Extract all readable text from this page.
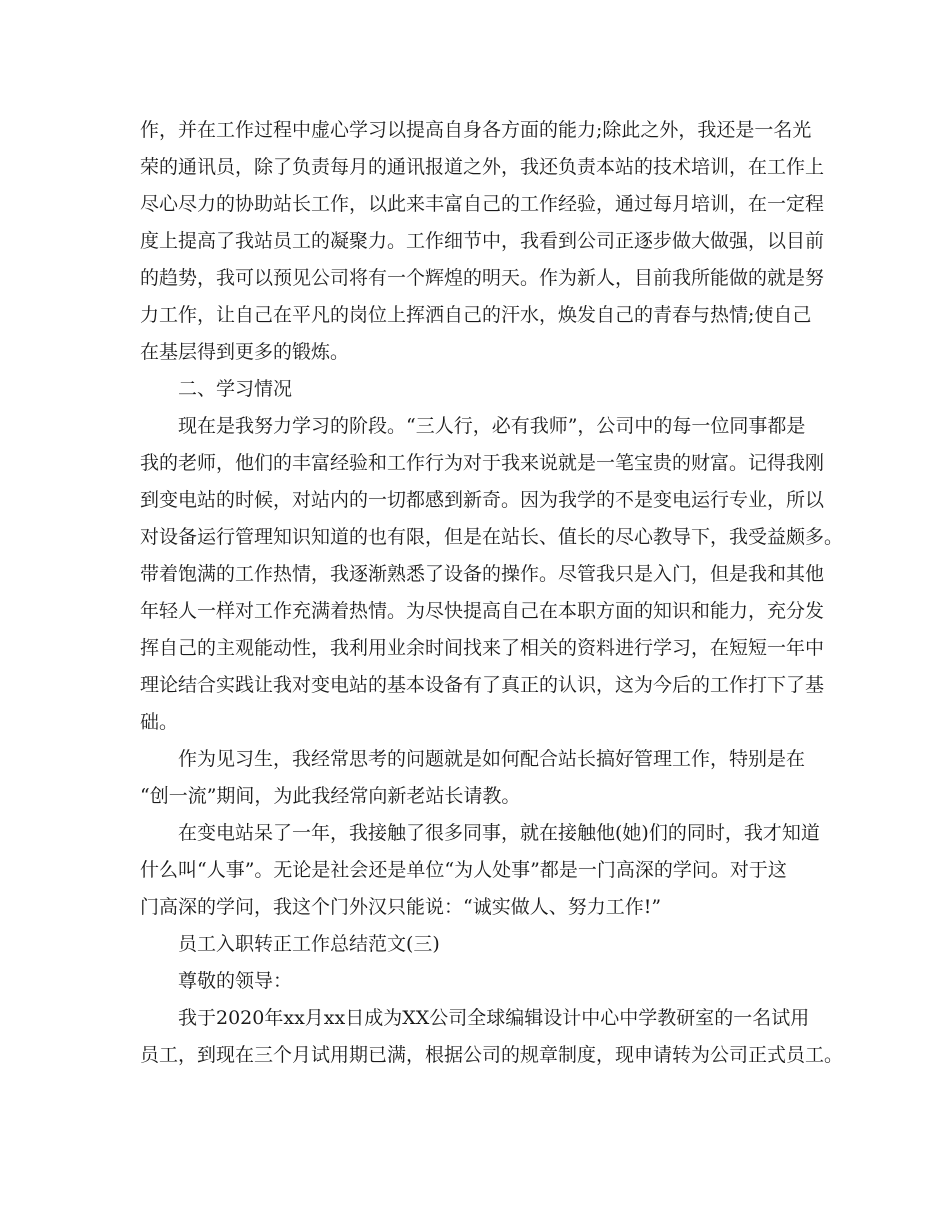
作，并在工作过程中虚心学习以提高自身各方面的能力;除此之外，我还是一名光
荣的通讯员，除了负责每月的通讯报道之外，我还负责本站的技术培训，在工作上
尽心尽力的协助站长工作，以此来丰富自己的工作经验，通过每月培训，在一定程
度上提高了我站员工的凝聚力。工作细节中，我看到公司正逐步做大做强，以目前
的趋势，我可以预见公司将有一个辉煌的明天。作为新人，目前我所能做的就是努
力工作，让自己在平凡的岗位上挥洒自己的汗水，焕发自己的青春与热情;使自己
在基层得到更多的锻炼。
二、学习情况
现在是我努力学习的阶段。“三人行，必有我师”，公司中的每一位同事都是
我的老师，他们的丰富经验和工作行为对于我来说就是一笔宝贵的财富。记得我刚
到变电站的时候，对站内的一切都感到新奇。因为我学的不是变电运行专业，所以
对设备运行管理知识知道的也有限，但是在站长、值长的尽心教导下，我受益颇多。
带着饱满的工作热情，我逐渐熟悉了设备的操作。尽管我只是入门，但是我和其他
年轻人一样对工作充满着热情。为尽快提高自己在本职方面的知识和能力，充分发
挥自己的主观能动性，我利用业余时间找来了相关的资料进行学习，在短短一年中
理论结合实践让我对变电站的基本设备有了真正的认识，这为今后的工作打下了基
础。
作为见习生，我经常思考的问题就是如何配合站长搞好管理工作，特别是在
“创一流”期间，为此我经常向新老站长请教。
在变电站呆了一年，我接触了很多同事，就在接触他(她)们的同时，我才知道
什么叫“人事”。无论是社会还是单位“为人处事”都是一门高深的学问。对于这
门高深的学问，我这个门外汉只能说：“诚实做人、努力工作!”
员工入职转正工作总结范文(三)
尊敬的领导：
我于2020年xx月xx日成为XX公司全球编辑设计中心中学教研室的一名试用
员工，到现在三个月试用期已满，根据公司的规章制度，现申请转为公司正式员工。
